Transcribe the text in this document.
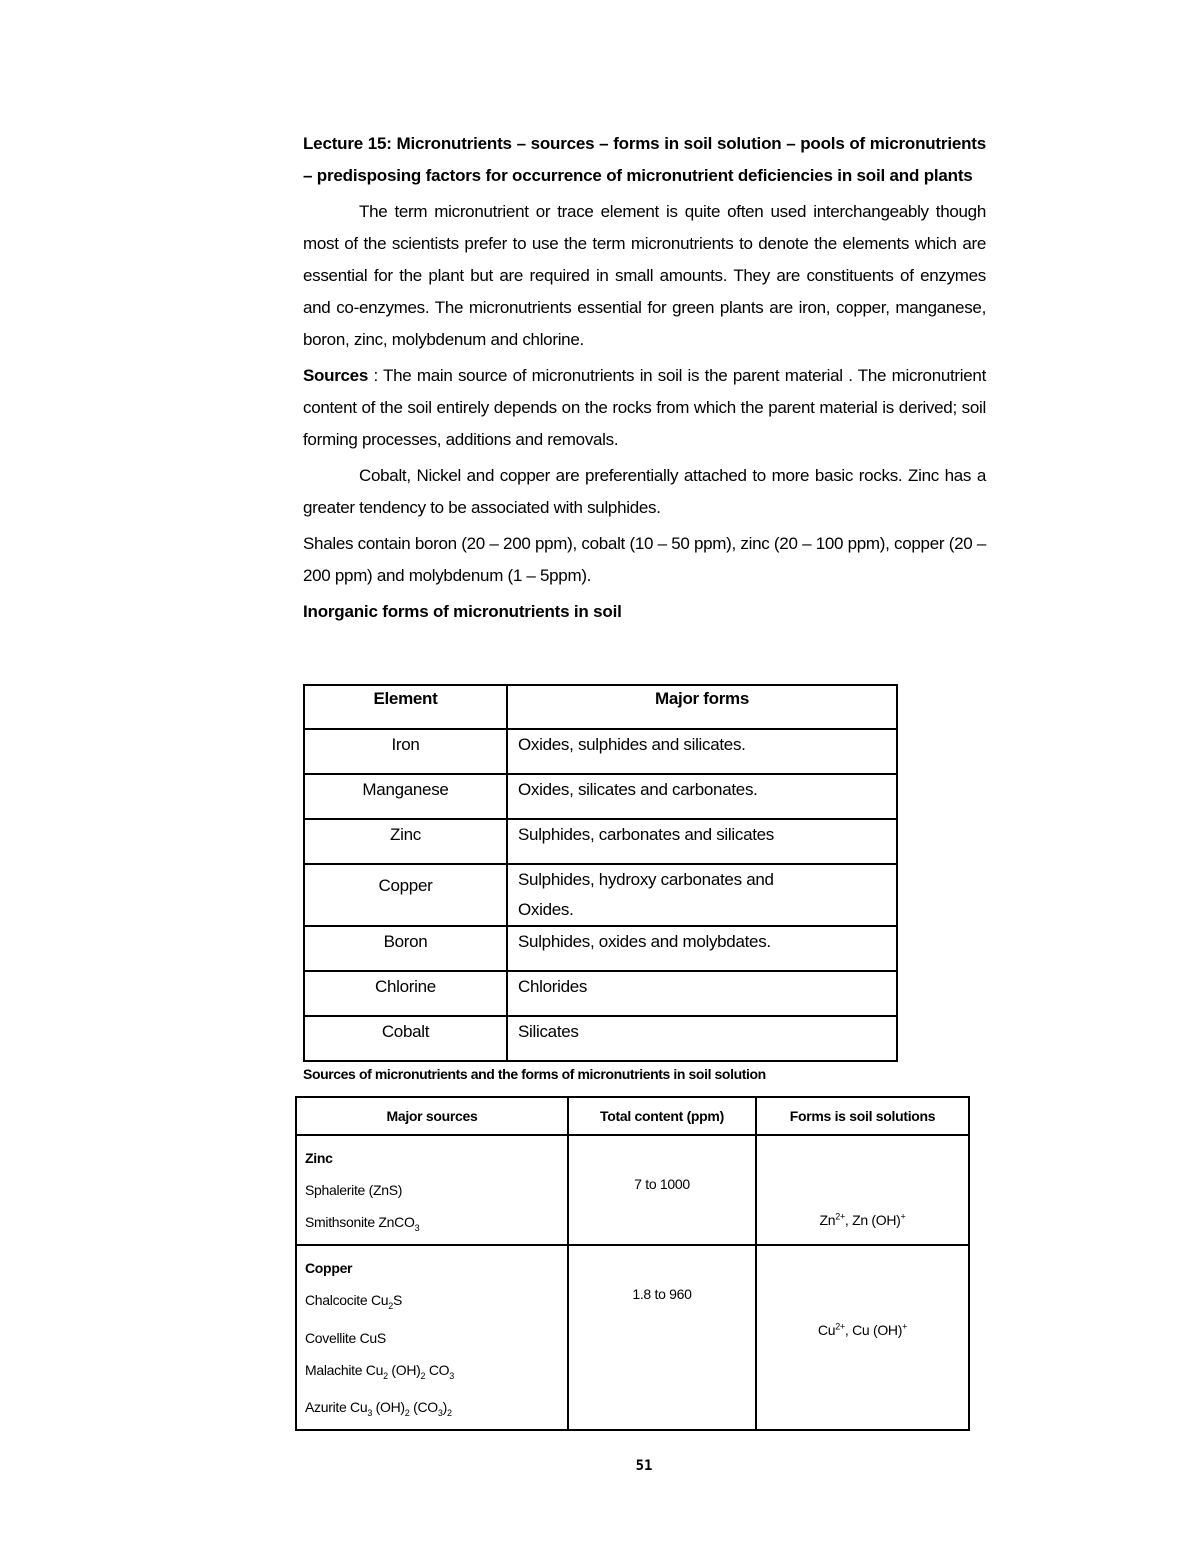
Lecture 15: Micronutrients – sources – forms in soil solution – pools of micronutrients – predisposing factors for occurrence of micronutrient deficiencies in soil and plants

The term micronutrient or trace element is quite often used interchangeably though most of the scientists prefer to use the term micronutrients to denote the elements which are essential for the plant but are required in small amounts. They are constituents of enzymes and co-enzymes. The micronutrients essential for green plants are iron, copper, manganese, boron, zinc, molybdenum and chlorine.

Sources : The main source of micronutrients in soil is the parent material . The micronutrient content of the soil entirely depends on the rocks from which the parent material is derived; soil forming processes, additions and removals.

Cobalt, Nickel and copper are preferentially attached to more basic rocks. Zinc has a greater tendency to be associated with sulphides.

Shales contain boron (20 – 200 ppm), cobalt (10 – 50 ppm), zinc (20 – 100 ppm), copper (20 – 200 ppm) and molybdenum (1 – 5ppm).

Inorganic forms of micronutrients in soil
Element	Major forms
Iron	Oxides, sulphides and silicates.
Manganese	Oxides, silicates and carbonates.
Zinc	Sulphides, carbonates and silicates
Copper	Sulphides, hydroxy carbonates and Oxides.
Boron	Sulphides, oxides and molybdates.
Chlorine	Chlorides
Cobalt	Silicates
Sources of micronutrients and the forms of micronutrients in soil solution
Major sources	Total content (ppm)	Forms is soil solutions

Zinc
Sphalerite (ZnS)
Smithsonite ZnCO$_3$	7 to 1000	$Zn^{2+}$, Zn (OH)+

Copper
Chalcocite $Cu_2S$
Covellite CuS
Malachite $Cu_2$ $(OH)_2$ $CO_3$
Azurite $Cu_3$ $(OH)_2$ $(CO_3)_2$	1.8 to 960	$Cu^{2+}$, Cu (OH)+
51
